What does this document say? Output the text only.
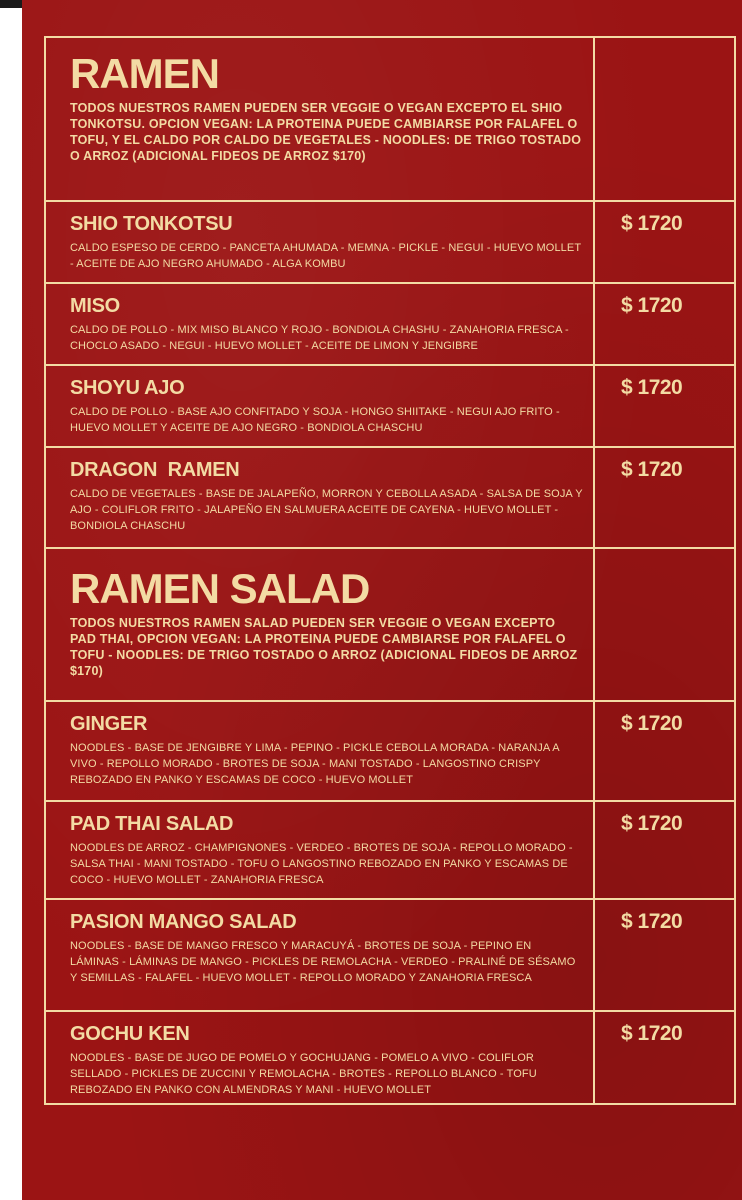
RAMEN
TODOS NUESTROS RAMEN PUEDEN SER VEGGIE O VEGAN EXCEPTO EL SHIO TONKOTSU. OPCION VEGAN: LA PROTEINA PUEDE CAMBIARSE POR FALAFEL O TOFU, Y EL CALDO POR CALDO DE VEGETALES - NOODLES: DE TRIGO TOSTADO O ARROZ (ADICIONAL FIDEOS DE ARROZ $170)
SHIO TONKOTSU
CALDO ESPESO DE CERDO - PANCETA AHUMADA - MEMNA - PICKLE - NEGUI - HUEVO MOLLET - ACEITE DE AJO NEGRO AHUMADO - ALGA KOMBU
$ 1720
MISO
CALDO DE POLLO - MIX MISO BLANCO Y ROJO - BONDIOLA CHASHU - ZANAHORIA FRESCA - CHOCLO ASADO - NEGUI - HUEVO MOLLET - ACEITE DE LIMON Y JENGIBRE
$ 1720
SHOYU AJO
CALDO DE POLLO - BASE AJO CONFITADO Y SOJA - HONGO SHIITAKE - NEGUI AJO FRITO - HUEVO MOLLET Y ACEITE DE AJO NEGRO - BONDIOLA CHASCHU
$ 1720
DRAGON  RAMEN
CALDO DE VEGETALES - BASE DE JALAPEÑO, MORRON Y CEBOLLA ASADA - SALSA DE SOJA Y AJO - COLIFLOR FRITO - JALAPEÑO EN SALMUERA ACEITE DE CAYENA - HUEVO MOLLET - BONDIOLA CHASCHU
$ 1720
RAMEN SALAD
TODOS NUESTROS RAMEN SALAD PUEDEN SER VEGGIE O VEGAN EXCEPTO PAD THAI, OPCION VEGAN: LA PROTEINA PUEDE CAMBIARSE POR FALAFEL O TOFU - NOODLES: DE TRIGO TOSTADO O ARROZ (ADICIONAL FIDEOS DE ARROZ $170)
GINGER
NOODLES - BASE DE JENGIBRE Y LIMA - PEPINO - PICKLE CEBOLLA MORADA - NARANJA A VIVO - REPOLLO MORADO - BROTES DE SOJA - MANI TOSTADO - LANGOSTINO CRISPY REBOZADO EN PANKO Y ESCAMAS DE COCO - HUEVO MOLLET
$ 1720
PAD THAI SALAD
NOODLES DE ARROZ - CHAMPIGNONES - VERDEO - BROTES DE SOJA - REPOLLO MORADO - SALSA THAI - MANI TOSTADO - TOFU O LANGOSTINO REBOZADO EN PANKO Y ESCAMAS DE COCO - HUEVO MOLLET - ZANAHORIA FRESCA
$ 1720
PASION MANGO SALAD
NOODLES - BASE DE MANGO FRESCO Y MARACUYÁ - BROTES DE SOJA - PEPINO EN LÁMINAS - LÁMINAS DE MANGO - PICKLES DE REMOLACHA - VERDEO - PRALINÉ DE SÉSAMO Y SEMILLAS - FALAFEL - HUEVO MOLLET - REPOLLO MORADO Y ZANAHORIA FRESCA
$ 1720
GOCHU KEN
NOODLES - BASE DE JUGO DE POMELO Y GOCHUJANG - POMELO A VIVO - COLIFLOR SELLADO - PICKLES DE ZUCCINI Y REMOLACHA - BROTES - REPOLLO BLANCO - TOFU REBOZADO EN PANKO CON ALMENDRAS Y MANI - HUEVO MOLLET
$ 1720
